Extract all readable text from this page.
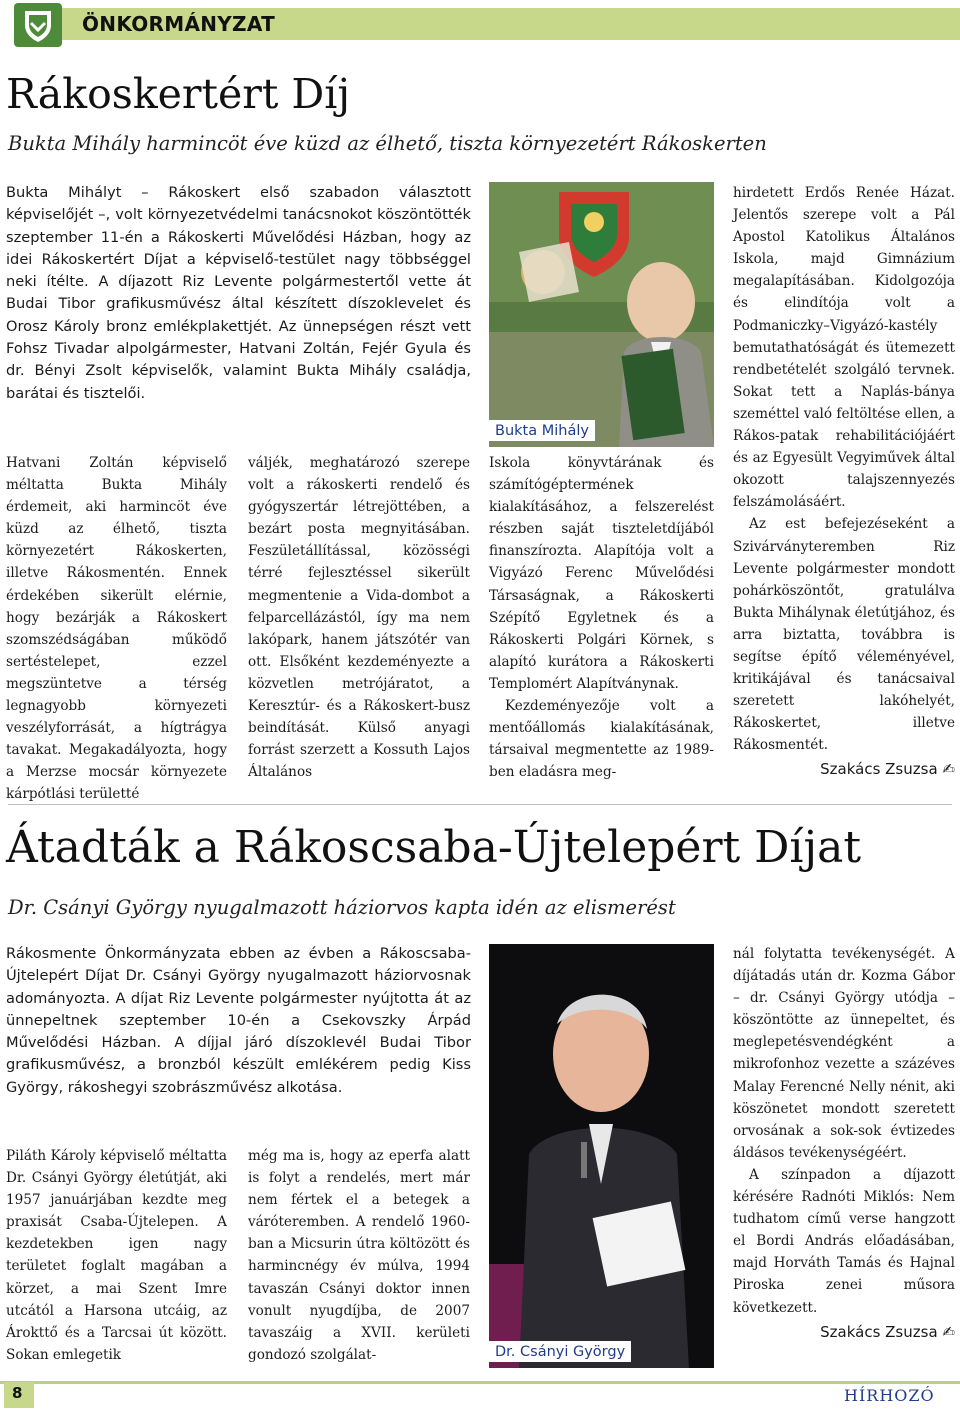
ÖNKORMÁNYZAT
Rákoskertért Díj
Bukta Mihály harmincöt éve küzd az élhető, tiszta környezetért Rákoskerten

Bukta Mihályt – Rákoskert első szabadon választott képviselőjét –, volt környezetvédelmi tanácsnokot köszöntötték szeptember 11-én a Rákoskerti Művelődési Házban, hogy az idei Rákoskertért Díjat a képviselő-testület nagy többséggel neki ítélte. A díjazott Riz Levente polgármestertől vette át Budai Tibor grafikusművész által készített díszoklevelet és Orosz Károly bronz emlékplakettjét. Az ünnepségen részt vett Fohsz Tivadar alpolgármester, Hatvani Zoltán, Fejér Gyula és dr. Bényi Zsolt képviselők, valamint Bukta Mihály családja, barátai és tisztelői.

Hatvani Zoltán képviselő méltatta Bukta Mihály érdemeit, aki harmincöt éve küzd az élhető, tiszta környezetért Rákoskerten, illetve Rákosmentén. Ennek érdekében sikerült elérnie, hogy bezárják a Rákoskert szomszédságában működő sertéstelepet, ezzel megszüntetve a térség legnagyobb környezeti veszélyforrását, a hígtrágya tavakat. Megakadályozta, hogy a Merzse mocsár környezete kárpótlási területté

váljék, meghatározó szerepe volt a rákoskerti rendelő és gyógyszertár létrejöttében, a bezárt posta megnyitásában. Feszületállítással, közösségi térré fejlesztéssel sikerült megmentenie a Vida-dombot a felparcellázástól, így ma nem lakópark, hanem játszótér van ott. Elsőként kezdeményezte a közvetlen metrójáratot, a Keresztúr- és a Rákoskert-busz beindítását. Külső anyagi forrást szerzett a Kossuth Lajos Általános

Bukta Mihály

Iskola könyvtárának és számítógéptermének kialakításához, a felszerelést részben saját tiszteletdíjából finanszírozta. Alapítója volt a Vigyázó Ferenc Művelődési Társaságnak, a Rákoskerti Szépítő Egyletnek és a Rákoskerti Polgári Körnek, s alapító kurátora a Rákoskerti Templomért Alapítványnak.

Kezdeményezője volt a mentőállomás kialakításának, társaival megmentette az 1989-ben eladásra meg-

hirdetett Erdős Renée Házat. Jelentős szerepe volt a Pál Apostol Katolikus Általános Iskola, majd Gimnázium megalapításában. Kidolgozója és elindítója volt a Podmaniczky–Vigyázó-kastély bemutathatóságát és ütemezett rendbetételét szolgáló tervnek. Sokat tett a Naplás-bánya szeméttel való feltöltése ellen, a Rákos-patak rehabilitációjáért és az Egyesült Vegyiművek által okozott talajszennyezés felszámolásáért.

Az est befejezéseként a Szivárványteremben Riz Levente polgármester mondott pohárköszöntőt, gratulálva Bukta Mihálynak életútjához, és arra biztatta, továbbra is segítse építő véleményével, kritikájával és tanácsaival szeretett lakóhelyét, Rákoskertet, illetve Rákosmentét.

Szakács Zsuzsa ✍
Átadták a Rákoscsaba-Újtelepért Díjat
Dr. Csányi György nyugalmazott háziorvos kapta idén az elismerést

Rákosmente Önkormányzata ebben az évben a Rákoscsaba-Újtelepért Díjat Dr. Csányi György nyugalmazott háziorvosnak adományozta. A díjat Riz Levente polgármester nyújtotta át az ünnepeltnek szeptember 10-én a Csekovszky Árpád Művelődési Házban. A díjjal járó díszoklevél Budai Tibor grafikusművész, a bronzból készült emlékérem pedig Kiss György, rákoshegyi szobrászművész alkotása.

Piláth Károly képviselő méltatta Dr. Csányi György életútját, aki 1957 januárjában kezdte meg praxisát Csaba-Újtelepen. A kezdetekben igen nagy területet foglalt magában a körzet, a mai Szent Imre utcától a Harsona utcáig, az Árokttő és a Tarcsai út között. Sokan emlegetik

még ma is, hogy az eperfa alatt is folyt a rendelés, mert már nem fértek el a betegek a váróteremben. A rendelő 1960-ban a Micsurin útra költözött és harmincnégy év múlva, 1994 tavaszán Csányi doktor innen vonult nyugdíjba, de 2007 tavaszáig a XVII. kerületi gondozó szolgálat-	Dr. Csányi György

nál folytatta tevékenységét. A díjátadás után dr. Kozma Gábor – dr. Csányi György utódja – köszöntötte az ünnepeltet, és meglepetésvendégként a mikrofonhoz vezette a százéves Malay Ferencné Nelly nénit, aki köszönetet mondott szeretett orvosának a sok-sok évtizedes áldásos tevékenységéért.

A színpadon a díjazott kérésére Radnóti Miklós: Nem tudhatom című verse hangzott el Bordi András előadásában, majd Horváth Tamás és Hajnal Piroska zenei műsora következett.

Szakács Zsuzsa ✍
8	HÍRHOZÓ
